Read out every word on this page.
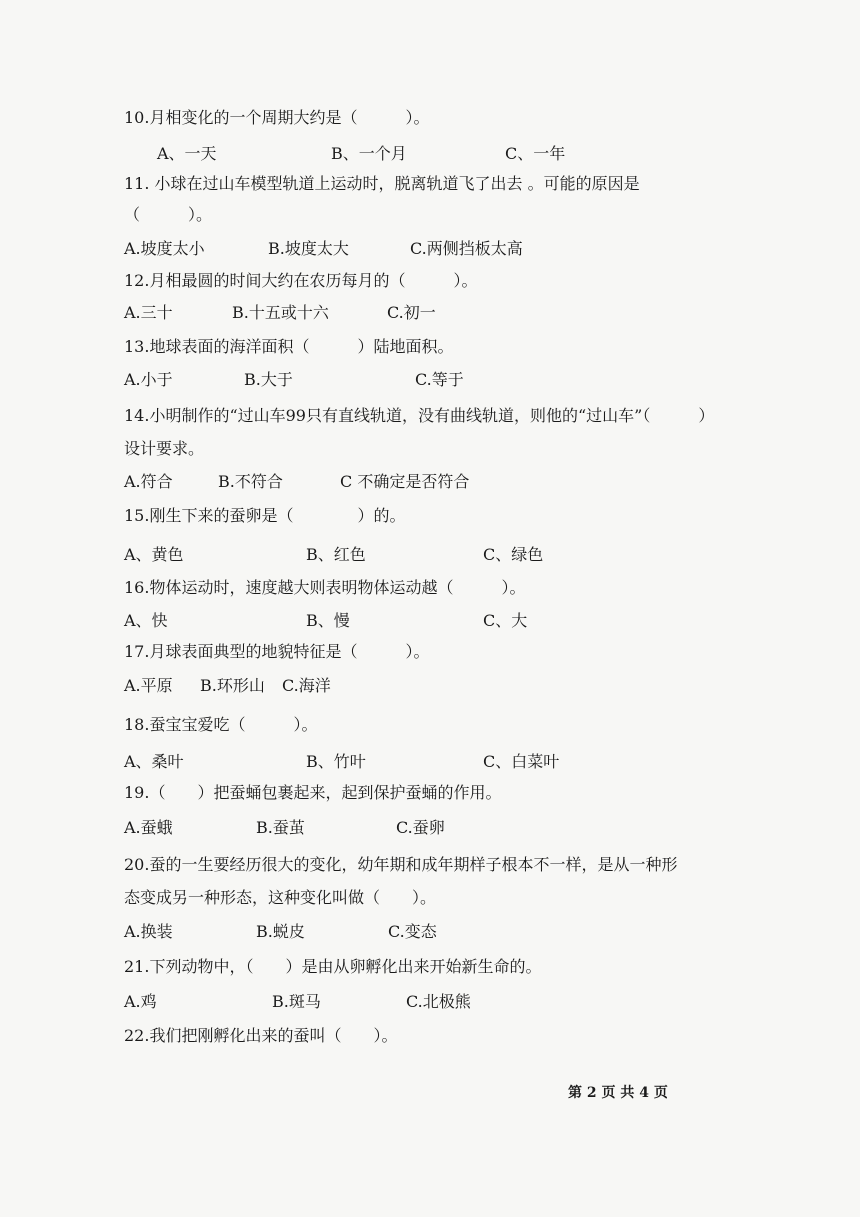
10.月相变化的一个周期大约是（　　　）。
A、一天	B、一个月	C、一年
11. 小球在过山车模型轨道上运动时，脱离轨道飞了出去 。可能的原因是
（　　　）。
A.坡度太小	B.坡度太大	C.两侧挡板太高
12.月相最圆的时间大约在农历每月的（　　　）。
A.三十	B.十五或十六	C.初一
13.地球表面的海洋面积（　　　）陆地面积。
A.小于	B.大于	C.等于
14.小明制作的“过山车99只有直线轨道，没有曲线轨道，则他的“过山车”（　　　）
设计要求。
A.符合	B.不符合	C 不确定是否符合
15.刚生下来的蚕卵是（　　　　）的。
A、黄色	B、红色	C、绿色
16.物体运动时，速度越大则表明物体运动越（　　　）。
A、快	B、慢	C、大
17.月球表面典型的地貌特征是（　　　）。
A.平原 B.环形山 C.海洋
18.蚕宝宝爱吃（　　　）。
A、桑叶	B、竹叶	C、白菜叶
19.（　　）把蚕蛹包裹起来，起到保护蚕蛹的作用。
A.蚕蛾	B.蚕茧	C.蚕卵
20.蚕的一生要经历很大的变化，幼年期和成年期样子根本不一样，是从一种形
态变成另一种形态，这种变化叫做（　　）。
A.换装	B.蜕皮	C.变态
21.下列动物中，（　　）是由从卵孵化出来开始新生命的。
A.鸡	B.斑马	C.北极熊
22.我们把刚孵化出来的蚕叫（　　）。
第 2 页 共 4 页
